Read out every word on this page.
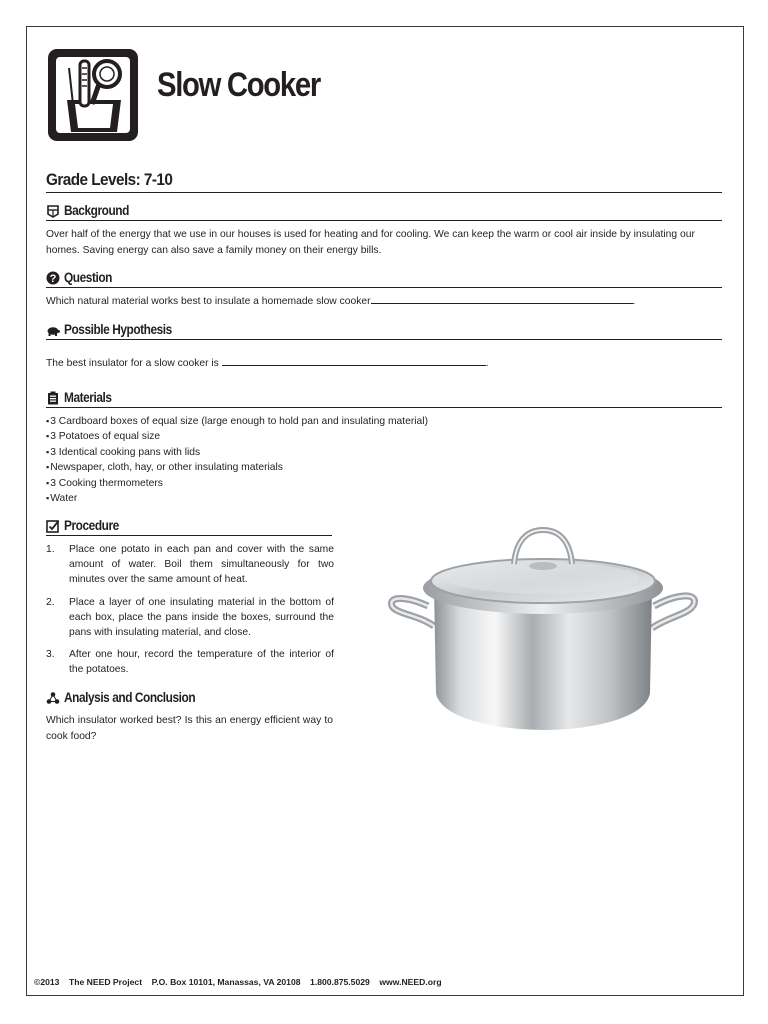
Slow Cooker
Grade Levels: 7-10
Background
Over half of the energy that we use in our houses is used for heating and for cooling. We can keep the warm or cool air inside by insulating our homes. Saving energy can also save a family money on their energy bills.
? Question
Which natural material works best to insulate a homemade slow cooker	.
Possible Hypothesis
The best insulator for a slow cooker is	.
Materials
▪ 3 Cardboard boxes of equal size (large enough to hold pan and insulating material)
▪ 3 Potatoes of equal size
▪ 3 Identical cooking pans with lids
▪ Newspaper, cloth, hay, or other insulating materials
▪ 3 Cooking thermometers
▪ Water
Procedure
1. Place one potato in each pan and cover with the same amount of water. Boil them simultaneously for two minutes over the same amount of heat.
2. Place a layer of one insulating material in the bottom of each box, place the pans inside the boxes, surround the pans with insulating material, and close.
3. After one hour, record the temperature of the interior of the potatoes.
Analysis and Conclusion
Which insulator worked best? Is this an energy efficient way to cook food?
©2013    The NEED Project    P.O. Box 10101, Manassas, VA 20108    1.800.875.5029    www.NEED.org
